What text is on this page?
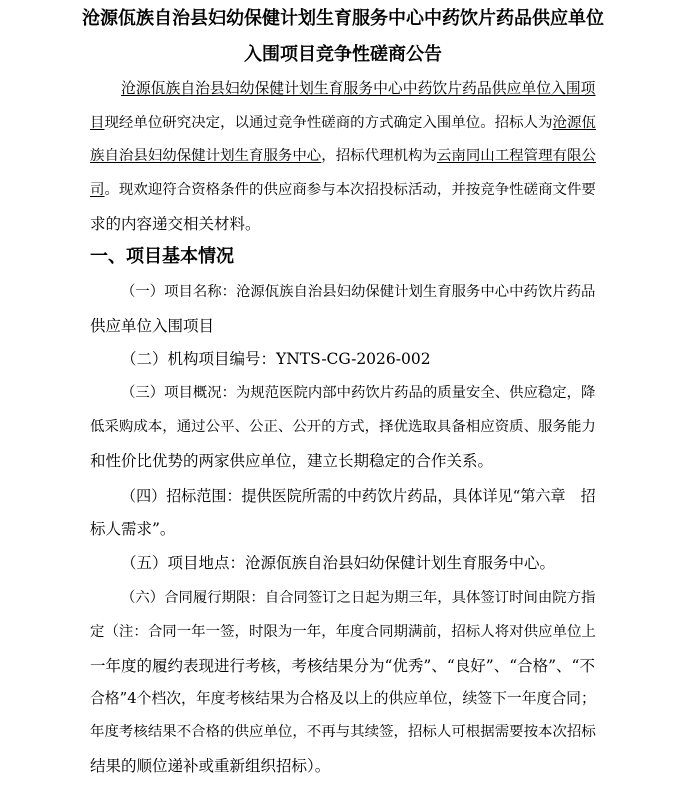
沧源佤族自治县妇幼保健计划生育服务中心中药饮片药品供应单位
入围项目竞争性磋商公告
沧源佤族自治县妇幼保健计划生育服务中心中药饮片药品供应单位入围项
目现经单位研究决定，以通过竞争性磋商的方式确定入围单位。招标人为沧源佤
族自治县妇幼保健计划生育服务中心，招标代理机构为云南同山工程管理有限公
司。现欢迎符合资格条件的供应商参与本次招投标活动，并按竞争性磋商文件要
求的内容递交相关材料。
一、项目基本情况
（一）项目名称：沧源佤族自治县妇幼保健计划生育服务中心中药饮片药品
供应单位入围项目
（二）机构项目编号：YNTS-CG-2026-002
（三）项目概况：为规范医院内部中药饮片药品的质量安全、供应稳定，降
低采购成本，通过公平、公正、公开的方式，择优选取具备相应资质、服务能力
和性价比优势的两家供应单位，建立长期稳定的合作关系。
（四）招标范围：提供医院所需的中药饮片药品，具体详见“第六章　招
标人需求”。
（五）项目地点：沧源佤族自治县妇幼保健计划生育服务中心。
（六）合同履行期限：自合同签订之日起为期三年，具体签订时间由院方指
定（注：合同一年一签，时限为一年，年度合同期满前，招标人将对供应单位上
一年度的履约表现进行考核，考核结果分为“优秀”、“良好”、“合格”、“不
合格”4个档次，年度考核结果为合格及以上的供应单位，续签下一年度合同；
年度考核结果不合格的供应单位，不再与其续签，招标人可根据需要按本次招标
结果的顺位递补或重新组织招标）。
